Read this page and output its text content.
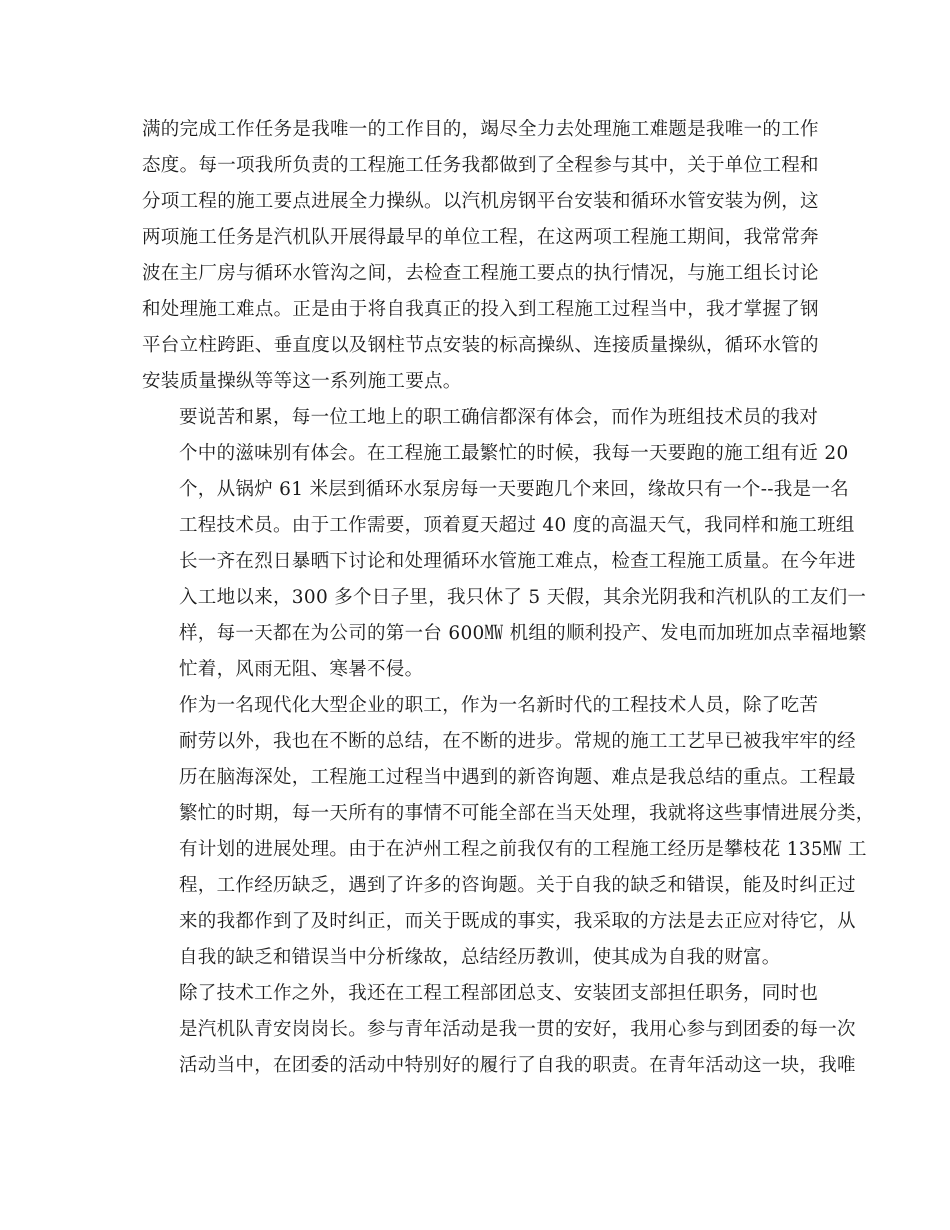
满的完成工作任务是我唯一的工作目的，竭尽全力去处理施工难题是我唯一的工作
态度。每一项我所负责的工程施工任务我都做到了全程参与其中，关于单位工程和
分项工程的施工要点进展全力操纵。以汽机房钢平台安装和循环水管安装为例，这
两项施工任务是汽机队开展得最早的单位工程，在这两项工程施工期间，我常常奔
波在主厂房与循环水管沟之间，去检查工程施工要点的执行情况，与施工组长讨论
和处理施工难点。正是由于将自我真正的投入到工程施工过程当中，我才掌握了钢
平台立柱跨距、垂直度以及钢柱节点安装的标高操纵、连接质量操纵，循环水管的
安装质量操纵等等这一系列施工要点。
要说苦和累，每一位工地上的职工确信都深有体会，而作为班组技术员的我对
个中的滋味别有体会。在工程施工最繁忙的时候，我每一天要跑的施工组有近 20
个，从锅炉 61 米层到循环水泵房每一天要跑几个来回，缘故只有一个--我是一名
工程技术员。由于工作需要，顶着夏天超过 40 度的高温天气，我同样和施工班组
长一齐在烈日暴晒下讨论和处理循环水管施工难点，检查工程施工质量。在今年进
入工地以来，300 多个日子里，我只休了 5 天假，其余光阴我和汽机队的工友们一
样，每一天都在为公司的第一台 600㎿ 机组的顺利投产、发电而加班加点幸福地繁
忙着，风雨无阻、寒暑不侵。
作为一名现代化大型企业的职工，作为一名新时代的工程技术人员，除了吃苦
耐劳以外，我也在不断的总结，在不断的进步。常规的施工工艺早已被我牢牢的经
历在脑海深处，工程施工过程当中遇到的新咨询题、难点是我总结的重点。工程最
繁忙的时期，每一天所有的事情不可能全部在当天处理，我就将这些事情进展分类，
有计划的进展处理。由于在泸州工程之前我仅有的工程施工经历是攀枝花 135㎿ 工
程，工作经历缺乏，遇到了许多的咨询题。关于自我的缺乏和错误，能及时纠正过
来的我都作到了及时纠正，而关于既成的事实，我采取的方法是去正应对待它，从
自我的缺乏和错误当中分析缘故，总结经历教训，使其成为自我的财富。
除了技术工作之外，我还在工程工程部团总支、安装团支部担任职务，同时也
是汽机队青安岗岗长。参与青年活动是我一贯的安好，我用心参与到团委的每一次
活动当中，在团委的活动中特别好的履行了自我的职责。在青年活动这一块，我唯
